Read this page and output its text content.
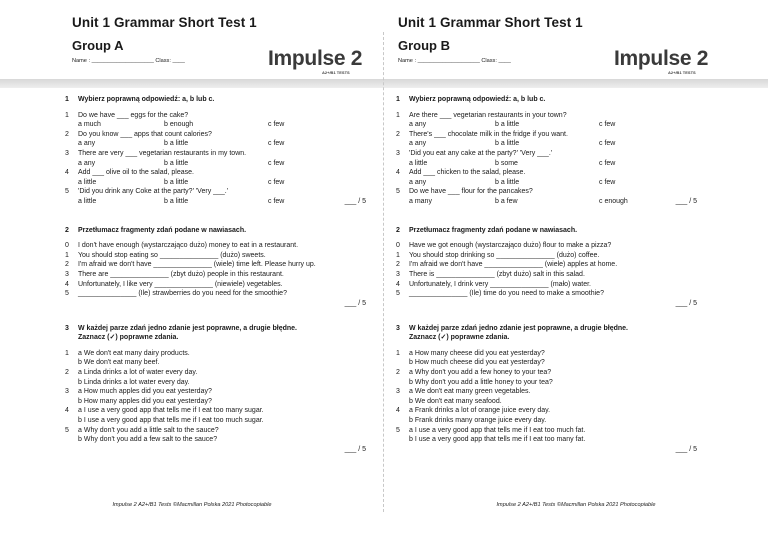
Unit 1 Grammar Short Test 1
Group A
Name : ____________________ Class: ____	Impulse 2
A2+/B1 TESTS
1	Wybierz poprawną odpowiedź: a, b lub c.
1	Do we have ___ eggs for the cake?
a much	b enough	c few
2	Do you know ___ apps that count calories?
a any	b a little	c few
3	There are very ___ vegetarian restaurants in my town.
a any	b a little	c few
4	Add ___ olive oil to the salad, please.
a little	b a little	c few
5	'Did you drink any Coke at the party?' 'Very ___.'
a little	b a little	c few	___ / 5
2	Przetłumacz fragmenty zdań podane w nawiasach.
0	I don't have enough (wystarczająco dużo) money to eat in a restaurant.
1	You should stop eating so _______________ (dużo) sweets.
2	I'm afraid we don't have _______________ (wiele) time left. Please hurry up.
3	There are _______________ (zbyt dużo) people in this restaurant.
4	Unfortunately, I like very _______________ (niewiele) vegetables.
5	_______________ (Ile) strawberries do you need for the smoothie?
___ / 5
3	W każdej parze zdań jedno zdanie jest poprawne, a drugie błędne.
Zaznacz (✓) poprawne zdania.
1	a We don't eat many dairy products.
b We don't eat many beef.
2	a Linda drinks a lot of water every day.
b Linda drinks a lot water every day.
3	a How much apples did you eat yesterday?
b How many apples did you eat yesterday?
4	a I use a very good app that tells me if I eat too many sugar.
b I use a very good app that tells me if I eat too much sugar.
5	a Why don't you add a little salt to the sauce?
b Why don't you add a few salt to the sauce?
___ / 5
Impulse 2 A2+/B1 Tests ©Macmillan Polska 2021 Photocopiable
Unit 1 Grammar Short Test 1
Group B
Name : ____________________ Class: ____	Impulse 2
A2+/B1 TESTS
1	Wybierz poprawną odpowiedź: a, b lub c.
1	Are there ___ vegetarian restaurants in your town?
a any	b a little	c few
2	There's ___ chocolate milk in the fridge if you want.
a any	b a little	c few
3	'Did you eat any cake at the party?' 'Very ___.'
a little	b some	c few
4	Add ___ chicken to the salad, please.
a any	b a little	c few
5	Do we have ___ flour for the pancakes?
a many	b a few	c enough	___ / 5
2	Przetłumacz fragmenty zdań podane w nawiasach.
0	Have we got enough (wystarczająco dużo) flour to make a pizza?
1	You should stop drinking so _______________ (dużo) coffee.
2	I'm afraid we don't have _______________ (wiele) apples at home.
3	There is _______________ (zbyt dużo) salt in this salad.
4	Unfortunately, I drink very _______________ (mało) water.
5	_______________ (Ile) time do you need to make a smoothie?
___ / 5
3	W każdej parze zdań jedno zdanie jest poprawne, a drugie błędne.
Zaznacz (✓) poprawne zdania.
1	a How many cheese did you eat yesterday?
b How much cheese did you eat yesterday?
2	a Why don't you add a few honey to your tea?
b Why don't you add a little honey to your tea?
3	a We don't eat many green vegetables.
b We don't eat many seafood.
4	a Frank drinks a lot of orange juice every day.
b Frank drinks many orange juice every day.
5	a I use a very good app that tells me if I eat too much fat.
b I use a very good app that tells me if I eat too many fat.
___ / 5
Impulse 2 A2+/B1 Tests ©Macmillan Polska 2021 Photocopiable
